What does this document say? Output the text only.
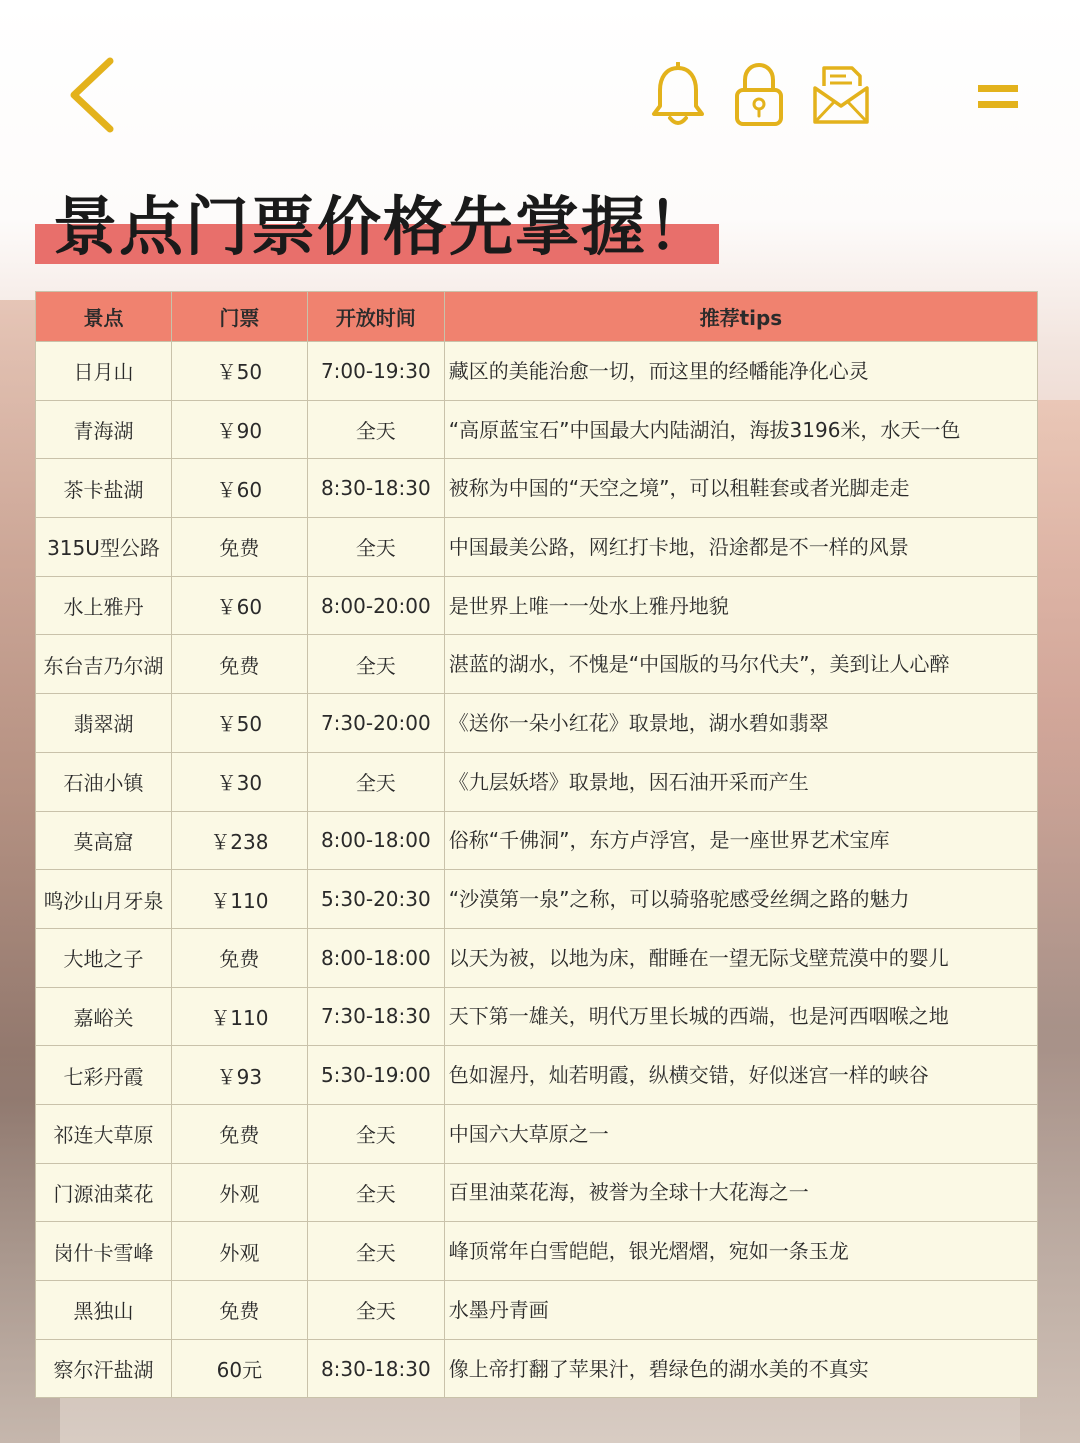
景点门票价格先掌握！
景点	门票	开放时间	推荐tips
日月山	￥50	7:00-19:30	藏区的美能治愈一切，而这里的经幡能净化心灵
青海湖	￥90	全天	“高原蓝宝石”中国最大内陆湖泊，海拔3196米，水天一色
茶卡盐湖	￥60	8:30-18:30	被称为中国的“天空之境”，可以租鞋套或者光脚走走
315U型公路	免费	全天	中国最美公路，网红打卡地，沿途都是不一样的风景
水上雅丹	￥60	8:00-20:00	是世界上唯一一处水上雅丹地貌
东台吉乃尔湖	免费	全天	湛蓝的湖水，不愧是“中国版的马尔代夫”，美到让人心醉
翡翠湖	￥50	7:30-20:00	《送你一朵小红花》取景地，湖水碧如翡翠
石油小镇	￥30	全天	《九层妖塔》取景地，因石油开采而产生
莫高窟	￥238	8:00-18:00	俗称“千佛洞”，东方卢浮宫，是一座世界艺术宝库
鸣沙山月牙泉	￥110	5:30-20:30	“沙漠第一泉”之称，可以骑骆驼感受丝绸之路的魅力
大地之子	免费	8:00-18:00	以天为被，以地为床，酣睡在一望无际戈壁荒漠中的婴儿
嘉峪关	￥110	7:30-18:30	天下第一雄关，明代万里长城的西端，也是河西咽喉之地
七彩丹霞	￥93	5:30-19:00	色如渥丹，灿若明霞，纵横交错，好似迷宫一样的峡谷
祁连大草原	免费	全天	中国六大草原之一
门源油菜花	外观	全天	百里油菜花海，被誉为全球十大花海之一
岗什卡雪峰	外观	全天	峰顶常年白雪皑皑，银光熠熠，宛如一条玉龙
黑独山	免费	全天	水墨丹青画
察尔汗盐湖	60元	8:30-18:30	像上帝打翻了苹果汁，碧绿色的湖水美的不真实
